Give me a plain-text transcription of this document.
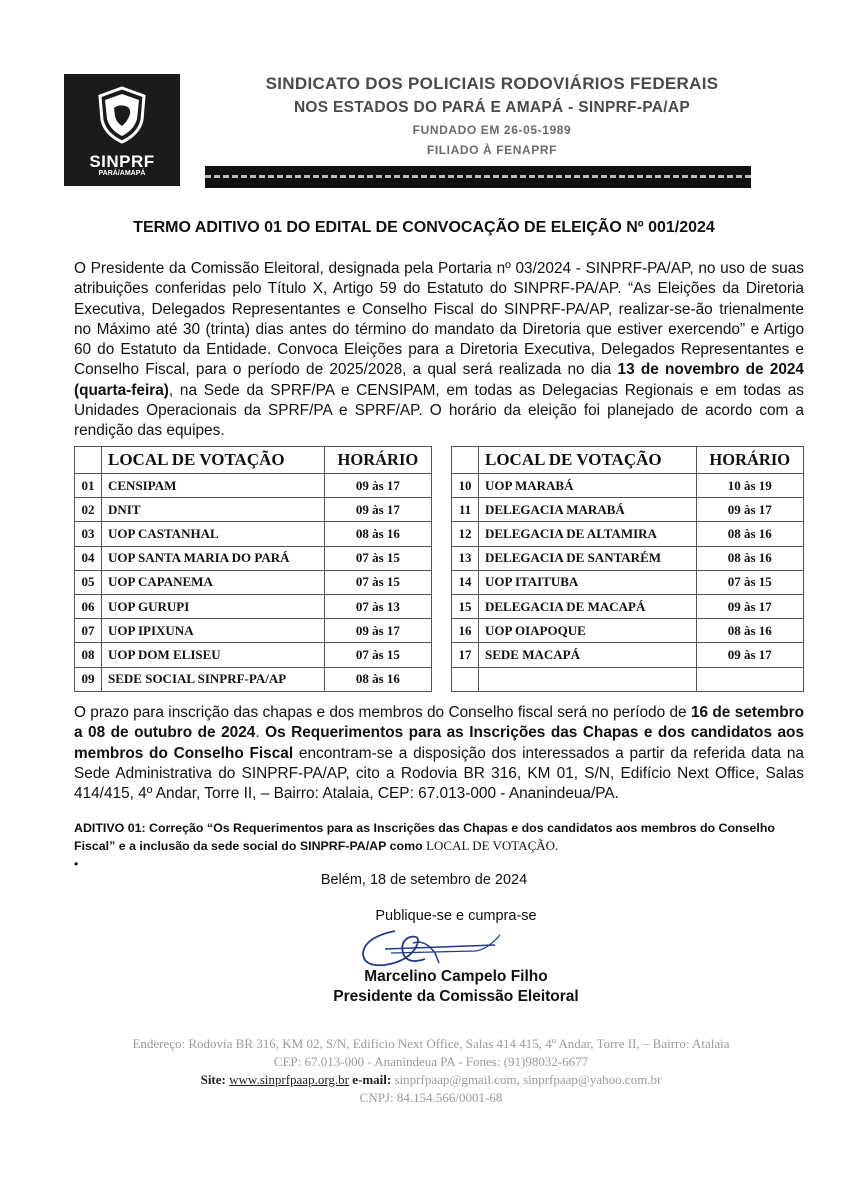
SINPRF
PARÁ/AMAPÁ
SINDICATO DOS POLICIAIS RODOVIÁRIOS FEDERAIS
NOS ESTADOS DO PARÁ E AMAPÁ - SINPRF-PA/AP
FUNDADO EM 26-05-1989
FILIADO À FENAPRF
TERMO ADITIVO 01 DO EDITAL DE CONVOCAÇÃO DE ELEIÇÃO Nº 001/2024
O Presidente da Comissão Eleitoral, designada pela Portaria nº 03/2024 - SINPRF-PA/AP, no uso de suas atribuições conferidas pelo Título X, Artigo 59 do Estatuto do SINPRF-PA/AP. “As Eleições da Diretoria Executiva, Delegados Representantes e Conselho Fiscal do SINPRF-PA/AP, realizar-se-ão trienalmente no Máximo até 30 (trinta) dias antes do término do mandato da Diretoria que estiver exercendo” e Artigo 60 do Estatuto da Entidade. Convoca Eleições para a Diretoria Executiva, Delegados Representantes e Conselho Fiscal, para o período de 2025/2028, a qual será realizada no dia 13 de novembro de 2024 (quarta-feira), na Sede da SPRF/PA e CENSIPAM, em todas as Delegacias Regionais e em todas as Unidades Operacionais da SPRF/PA e SPRF/AP. O horário da eleição foi planejado de acordo com a rendição das equipes.
	LOCAL DE VOTAÇÃO	HORÁRIO
01	CENSIPAM	09 às 17
02	DNIT	09 às 17
03	UOP CASTANHAL	08 às 16
04	UOP SANTA MARIA DO PARÁ	07 às 15
05	UOP CAPANEMA	07 às 15
06	UOP GURUPI	07 às 13
07	UOP IPIXUNA	09 às 17
08	UOP DOM ELISEU	07 às 15
09	SEDE SOCIAL SINPRF-PA/AP	08 às 16
	LOCAL DE VOTAÇÃO	HORÁRIO
10	UOP MARABÁ	10 às 19
11	DELEGACIA MARABÁ	09 às 17
12	DELEGACIA DE ALTAMIRA	08 às 16
13	DELEGACIA DE SANTARÉM	08 às 16
14	UOP ITAITUBA	07 às 15
15	DELEGACIA DE MACAPÁ	09 às 17
16	UOP OIAPOQUE	08 às 16
17	SEDE MACAPÁ	09 às 17

O prazo para inscrição das chapas e dos membros do Conselho fiscal será no período de 16 de setembro a 08 de outubro de 2024. Os Requerimentos para as Inscrições das Chapas e dos candidatos aos membros do Conselho Fiscal encontram-se a disposição dos interessados a partir da referida data na Sede Administrativa do SINPRF-PA/AP, cito a Rodovia BR 316, KM 01, S/N, Edifício Next Office, Salas 414/415, 4º Andar, Torre II, – Bairro: Atalaia, CEP: 67.013-000 - Ananindeua/PA.
ADITIVO 01: Correção “Os Requerimentos para as Inscrições das Chapas e dos candidatos aos membros do Conselho Fiscal” e a inclusão da sede social do SINPRF-PA/AP como LOCAL DE VOTAÇÃO.
•
Belém, 18 de setembro de 2024
Publique-se e cumpra-se
Marcelino Campelo Filho
Presidente da Comissão Eleitoral
Endereço: Rodovia BR 316, KM 02, S/N, Edifício Next Office, Salas 414 415, 4º Andar, Torre II, – Bairro: Atalaia
CEP: 67.013-000 - Ananindeua PA - Fones: (91)98032-6677
Site: www.sinprfpaap.org.br e-mail: sinprfpaap@gmail.com, sinprfpaap@yahoo.com.br
CNPJ: 84.154.566/0001-68
